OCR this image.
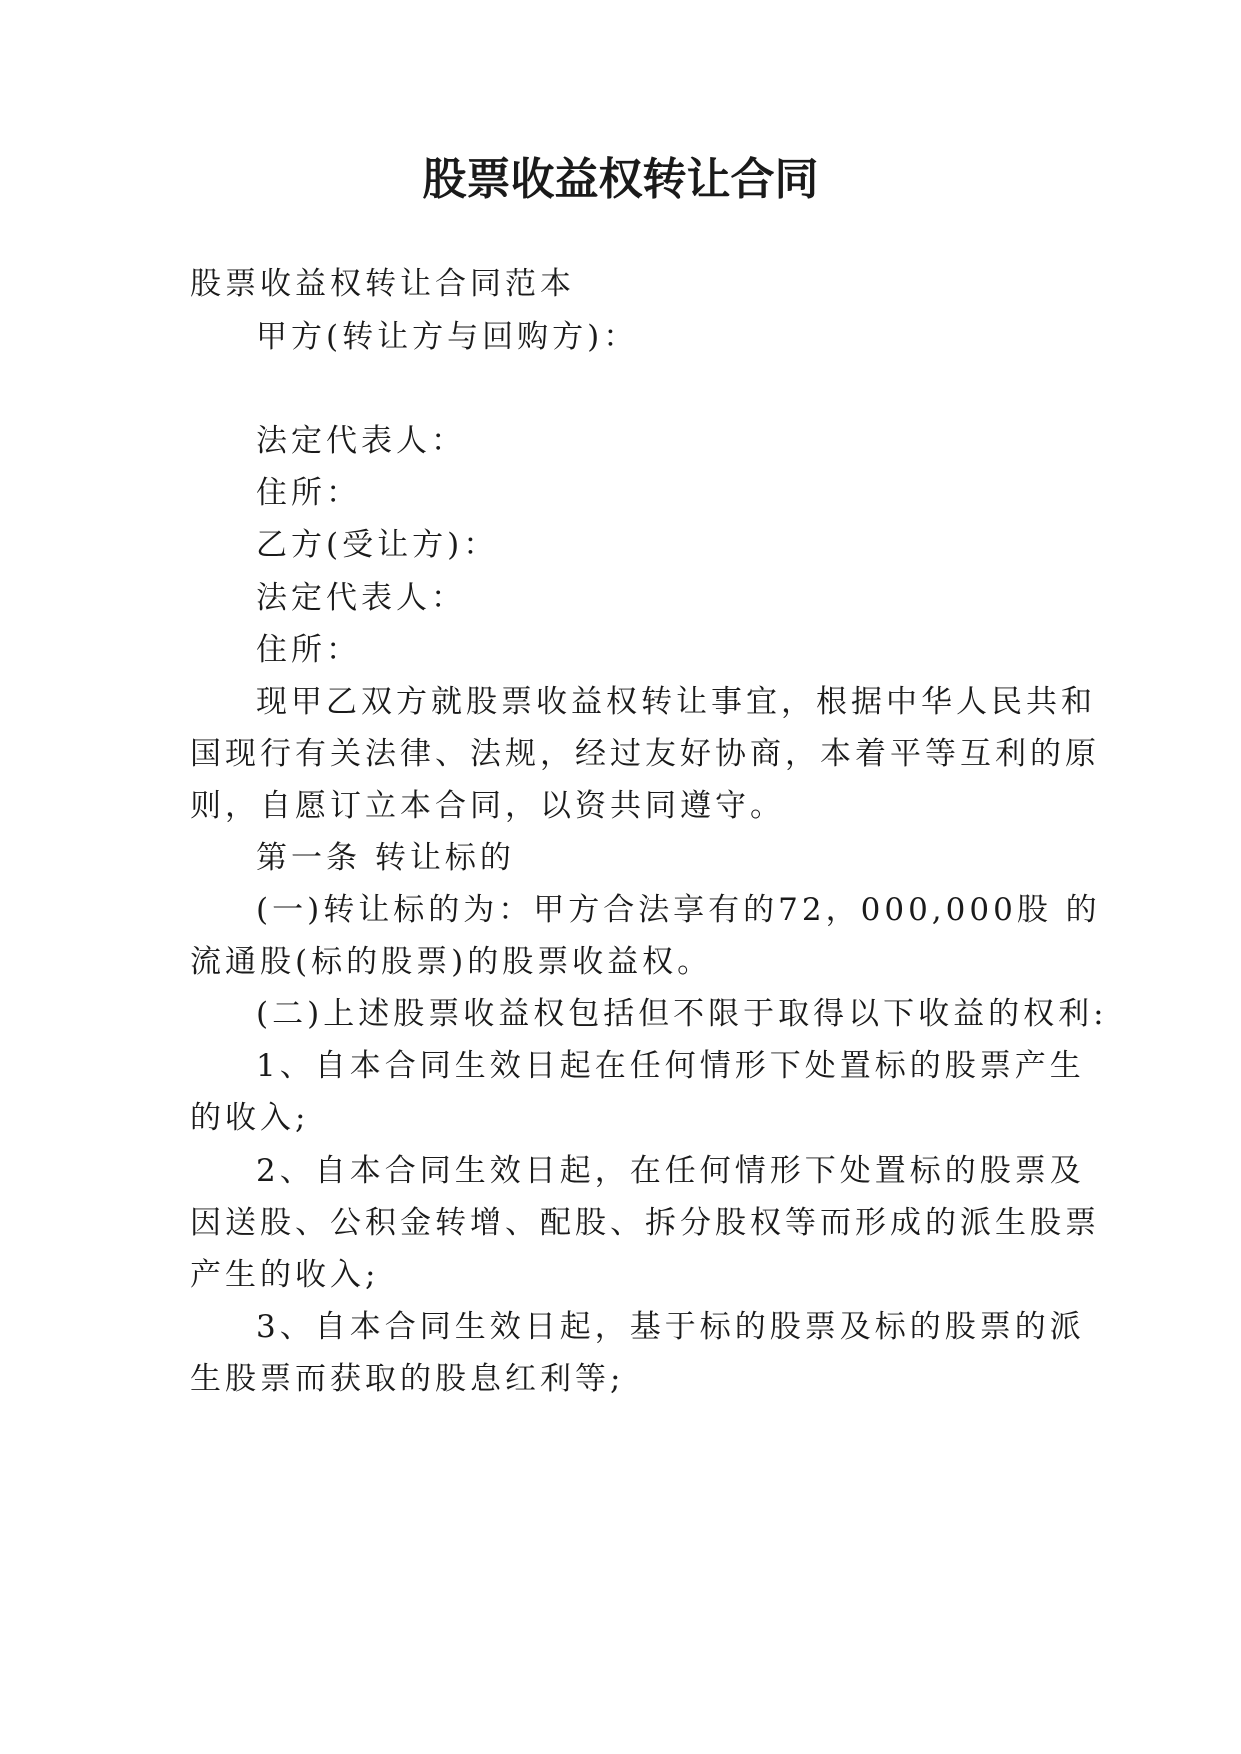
股票收益权转让合同
股票收益权转让合同范本
甲方(转让方与回购方)：
法定代表人：
住所：
乙方(受让方)：
法定代表人：
住所：
现甲乙双方就股票收益权转让事宜，根据中华人民共和
国现行有关法律、法规，经过友好协商，本着平等互利的原
则，自愿订立本合同，以资共同遵守。
第一条 转让标的
(一)转让标的为：甲方合法享有的72，000,000股 的
流通股(标的股票)的股票收益权。
(二)上述股票收益权包括但不限于取得以下收益的权利:
1、自本合同生效日起在任何情形下处置标的股票产生
的收入;
2、自本合同生效日起，在任何情形下处置标的股票及
因送股、公积金转增、配股、拆分股权等而形成的派生股票
产生的收入;
3、自本合同生效日起，基于标的股票及标的股票的派
生股票而获取的股息红利等;
